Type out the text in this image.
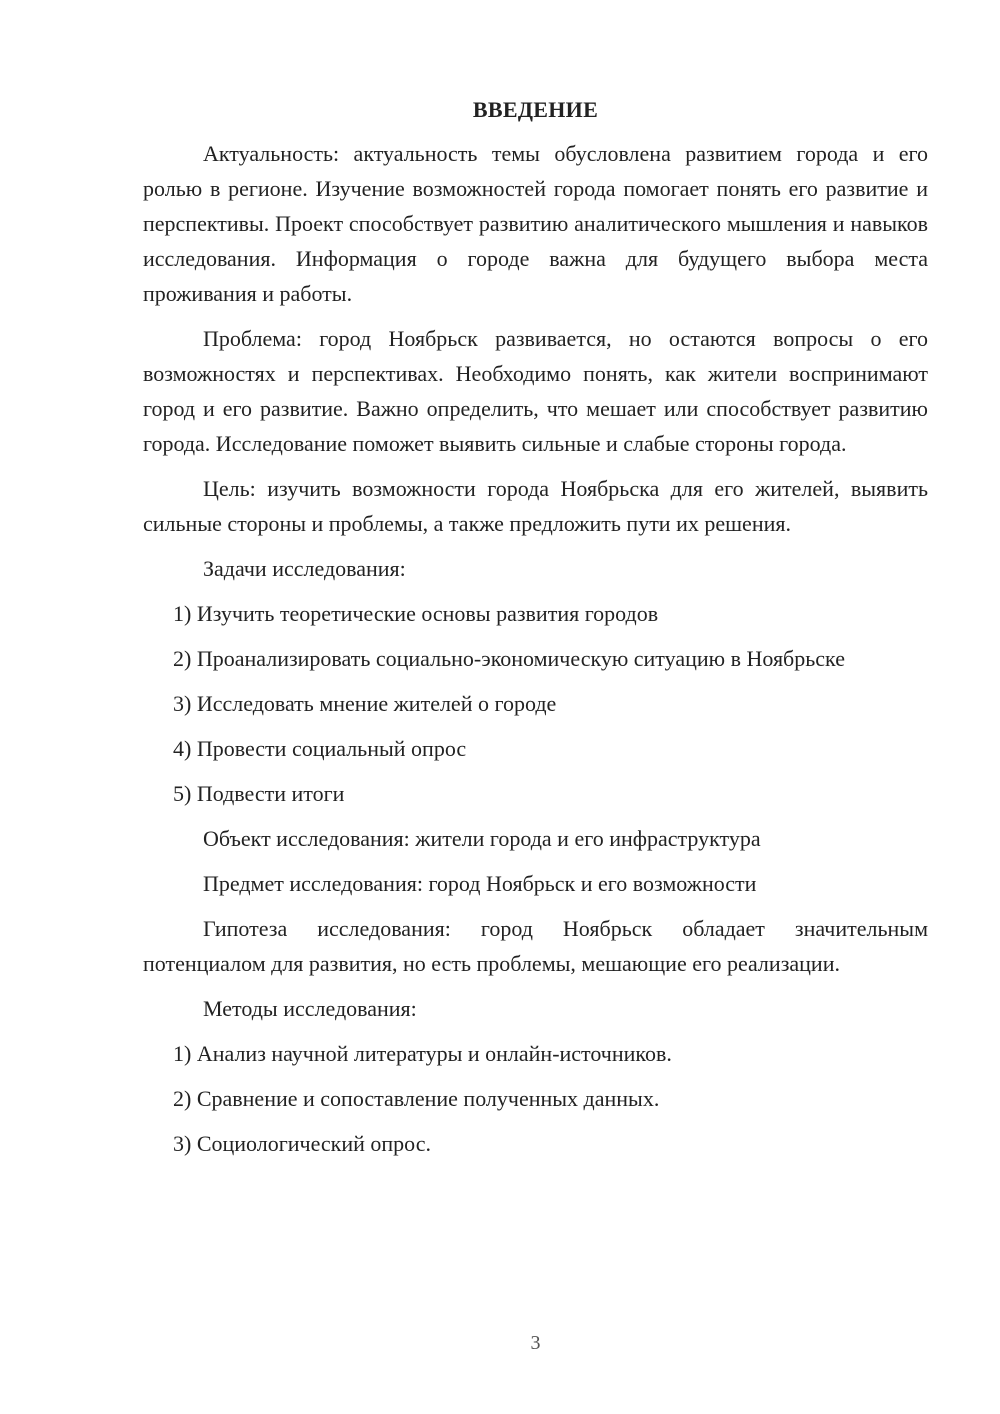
ВВЕДЕНИЕ

Актуальность: актуальность темы обусловлена развитием города и его ролью в регионе. Изучение возможностей города помогает понять его развитие и перспективы. Проект способствует развитию аналитического мышления и навыков исследования. Информация о городе важна для будущего выбора места проживания и работы.

Проблема: город Ноябрьск развивается, но остаются вопросы о его возможностях и перспективах. Необходимо понять, как жители воспринимают город и его развитие. Важно определить, что мешает или способствует развитию города. Исследование поможет выявить сильные и слабые стороны города.

Цель: изучить возможности города Ноябрьска для его жителей, выявить сильные стороны и проблемы, а также предложить пути их решения.

Задачи исследования:

1) Изучить теоретические основы развития городов

2) Проанализировать социально-экономическую ситуацию в Ноябрьске

3) Исследовать мнение жителей о городе

4) Провести социальный опрос

5) Подвести итоги

Объект исследования: жители города и его инфраструктура

Предмет исследования: город Ноябрьск и его возможности

Гипотеза исследования: город Ноябрьск обладает значительным потенциалом для развития, но есть проблемы, мешающие его реализации.

Методы исследования:

1) Анализ научной литературы и онлайн-источников.

2) Сравнение и сопоставление полученных данных.

3) Социологический опрос.

3
